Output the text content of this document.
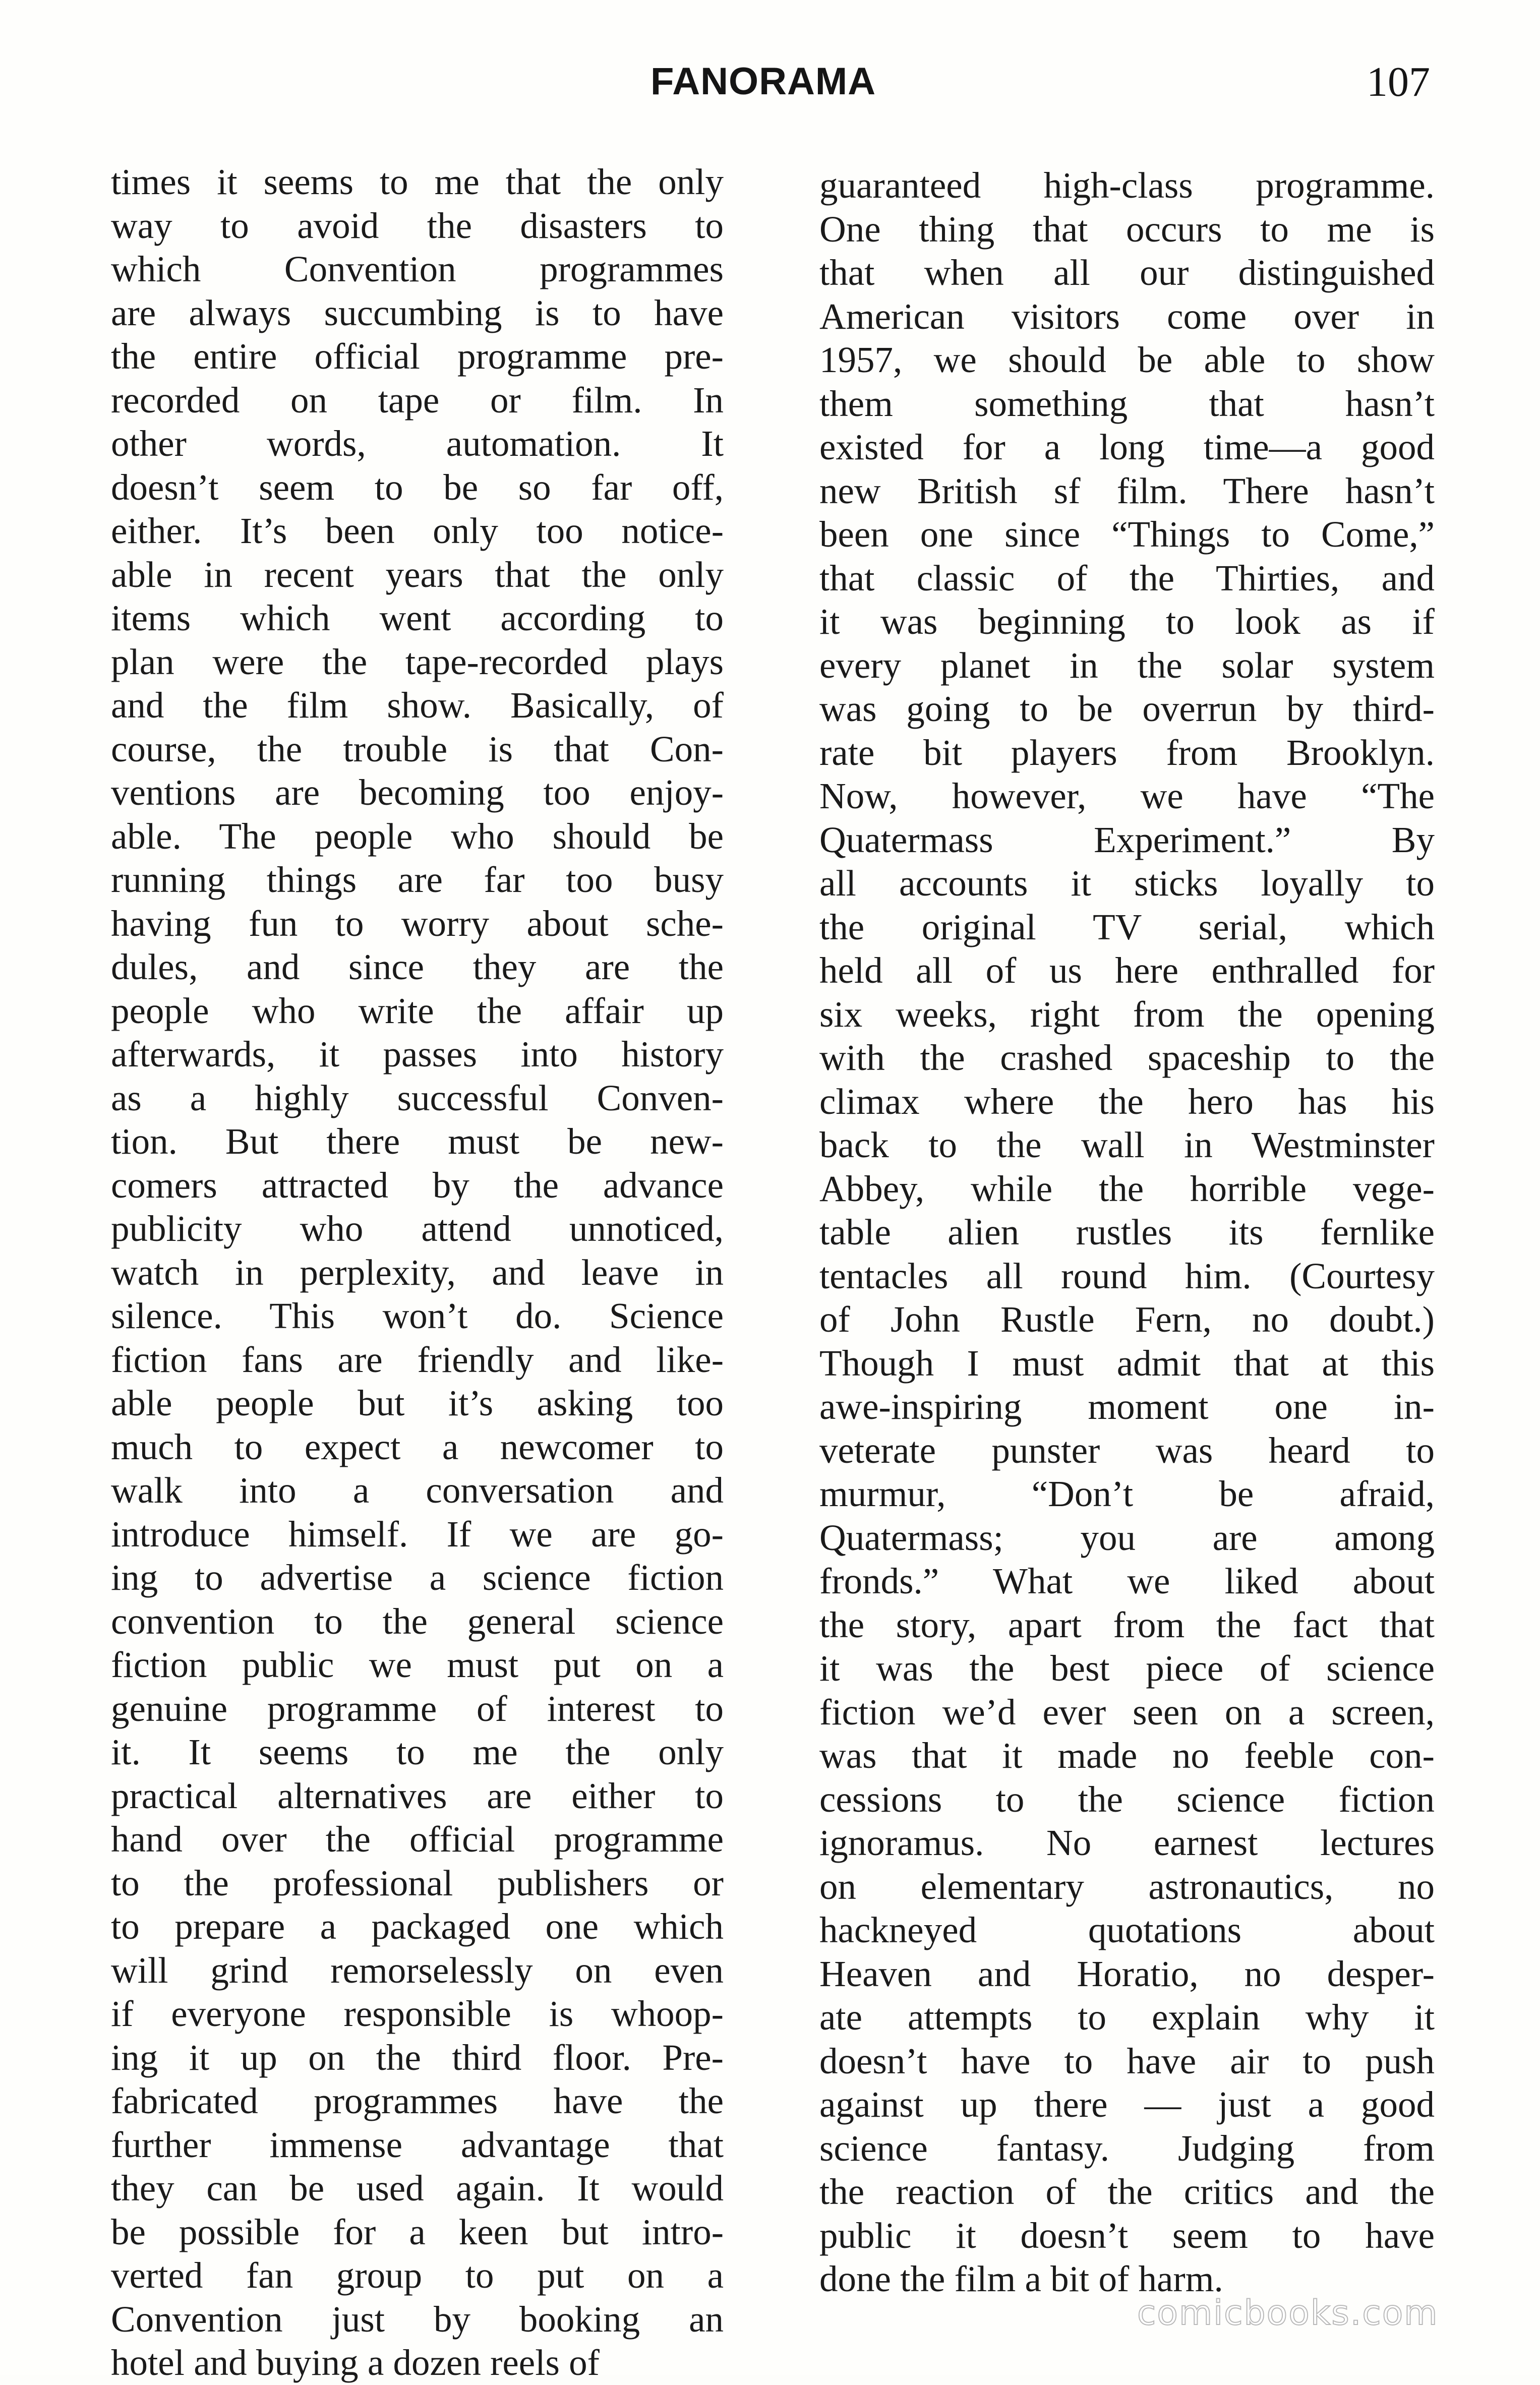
FANORAMA	107
times it seems to me that the only
way to avoid the disasters to
which Convention programmes
are always succumbing is to have
the entire official programme pre-
recorded on tape or film. In
other words, automation. It
doesn’t seem to be so far off,
either. It’s been only too notice-
able in recent years that the only
items which went according to
plan were the tape-recorded plays
and the film show. Basically, of
course, the trouble is that Con-
ventions are becoming too enjoy-
able. The people who should be
running things are far too busy
having fun to worry about sche-
dules, and since they are the
people who write the affair up
afterwards, it passes into history
as a highly successful Conven-
tion. But there must be new-
comers attracted by the advance
publicity who attend unnoticed,
watch in perplexity, and leave in
silence. This won’t do. Science
fiction fans are friendly and like-
able people but it’s asking too
much to expect a newcomer to
walk into a conversation and
introduce himself. If we are go-
ing to advertise a science fiction
convention to the general science
fiction public we must put on a
genuine programme of interest to
it. It seems to me the only
practical alternatives are either to
hand over the official programme
to the professional publishers or
to prepare a packaged one which
will grind remorselessly on even
if everyone responsible is whoop-
ing it up on the third floor. Pre-
fabricated programmes have the
further immense advantage that
they can be used again. It would
be possible for a keen but intro-
verted fan group to put on a
Convention just by booking an
hotel and buying a dozen reels of
guaranteed high-class programme.
One thing that occurs to me is
that when all our distinguished
American visitors come over in
1957, we should be able to show
them something that hasn’t
existed for a long time—a good
new British sf film. There hasn’t
been one since “Things to Come,”
that classic of the Thirties, and
it was beginning to look as if
every planet in the solar system
was going to be overrun by third-
rate bit players from Brooklyn.
Now, however, we have “The
Quatermass Experiment.” By
all accounts it sticks loyally to
the original TV serial, which
held all of us here enthralled for
six weeks, right from the opening
with the crashed spaceship to the
climax where the hero has his
back to the wall in Westminster
Abbey, while the horrible vege-
table alien rustles its fernlike
tentacles all round him. (Courtesy
of John Rustle Fern, no doubt.)
Though I must admit that at this
awe-inspiring moment one in-
veterate punster was heard to
murmur, “Don’t be afraid,
Quatermass; you are among
fronds.” What we liked about
the story, apart from the fact that
it was the best piece of science
fiction we’d ever seen on a screen,
was that it made no feeble con-
cessions to the science fiction
ignoramus. No earnest lectures
on elementary astronautics, no
hackneyed quotations about
Heaven and Horatio, no desper-
ate attempts to explain why it
doesn’t have to have air to push
against up there — just a good
science fantasy. Judging from
the reaction of the critics and the
public it doesn’t seem to have
done the film a bit of harm.
comicbooks.com
